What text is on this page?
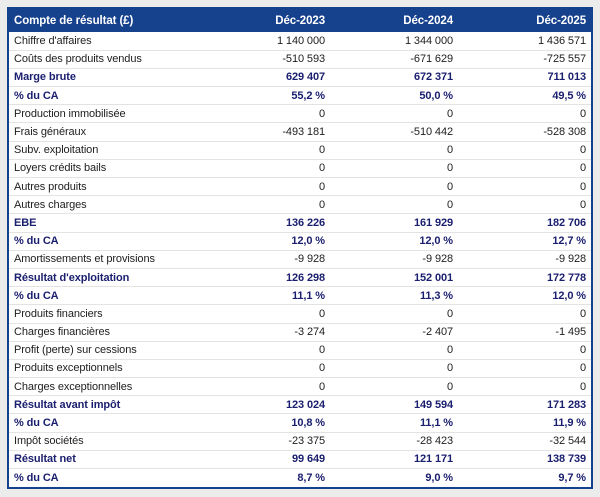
Compte de résultat (£)	Déc-2023	Déc-2024	Déc-2025
Chiffre d'affaires	1 140 000	1 344 000	1 436 571
Coûts des produits vendus	-510 593	-671 629	-725 557
Marge brute	629 407	672 371	711 013
% du CA	55,2 %	50,0 %	49,5 %
Production immobilisée	0	0	0
Frais généraux	-493 181	-510 442	-528 308
Subv. exploitation	0	0	0
Loyers crédits bails	0	0	0
Autres produits	0	0	0
Autres charges	0	0	0
EBE	136 226	161 929	182 706
% du CA	12,0 %	12,0 %	12,7 %
Amortissements et provisions	-9 928	-9 928	-9 928
Résultat d'exploitation	126 298	152 001	172 778
% du CA	11,1 %	11,3 %	12,0 %
Produits financiers	0	0	0
Charges financières	-3 274	-2 407	-1 495
Profit (perte) sur cessions	0	0	0
Produits exceptionnels	0	0	0
Charges exceptionnelles	0	0	0
Résultat avant impôt	123 024	149 594	171 283
% du CA	10,8 %	11,1 %	11,9 %
Impôt sociétés	-23 375	-28 423	-32 544
Résultat net	99 649	121 171	138 739
% du CA	8,7 %	9,0 %	9,7 %
